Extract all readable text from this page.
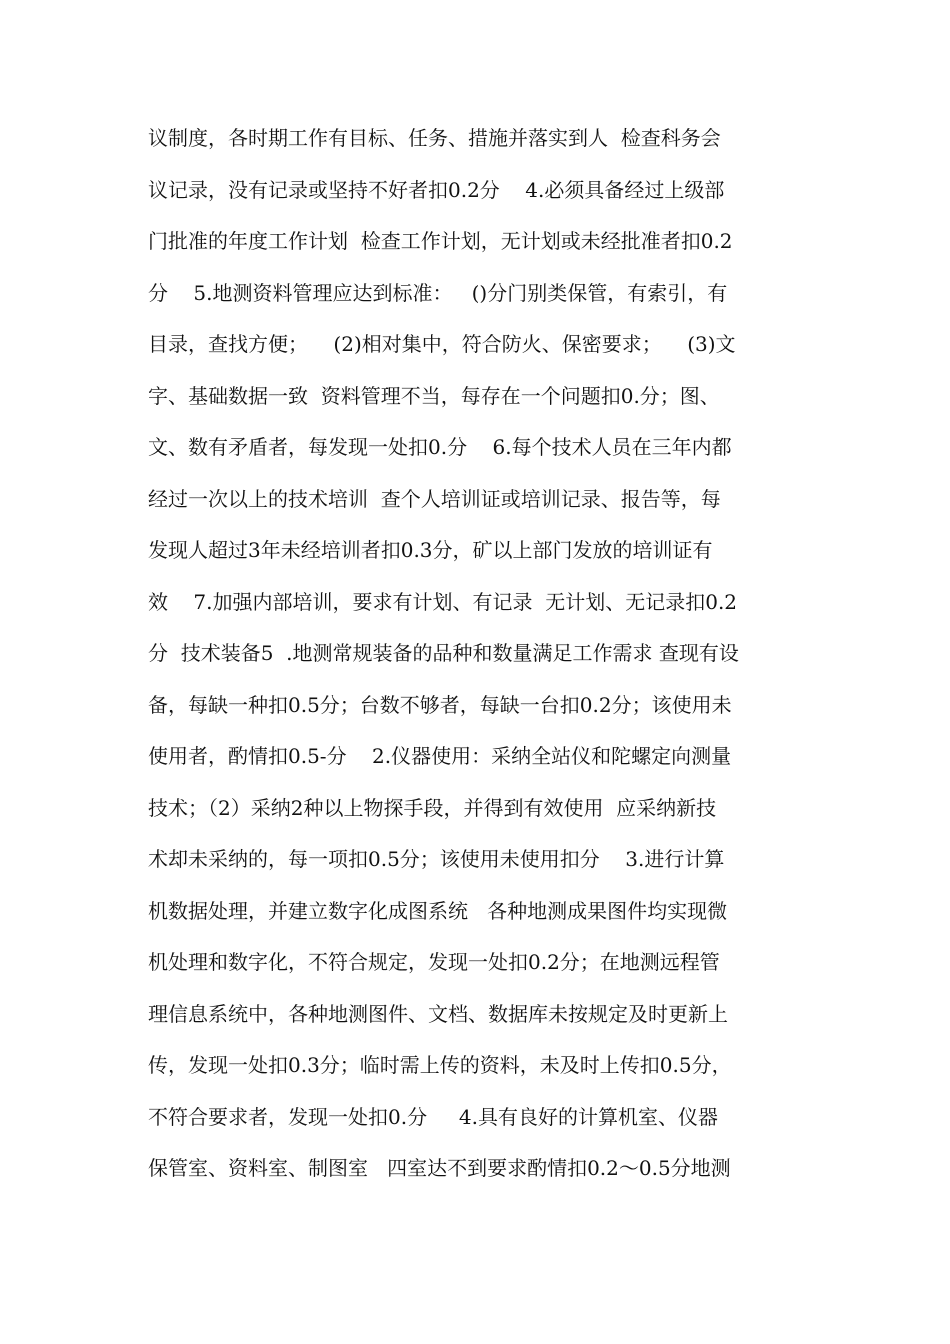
议制度，各时期工作有目标、任务、措施并落实到人  检查科务会
议记录，没有记录或坚持不好者扣0.2分    4.必须具备经过上级部
门批准的年度工作计划  检查工作计划，无计划或未经批准者扣0.2
分    5.地测资料管理应达到标准：   ()分门别类保管，有索引，有
目录，查找方便；    (2)相对集中，符合防火、保密要求；    (3)文
字、基础数据一致  资料管理不当，每存在一个问题扣0.分；图、
文、数有矛盾者，每发现一处扣0.分    6.每个技术人员在三年内都
经过一次以上的技术培训  查个人培训证或培训记录、报告等，每
发现人超过3年未经培训者扣0.3分，矿以上部门发放的培训证有
效    7.加强内部培训，要求有计划、有记录  无计划、无记录扣0.2
分  技术装备5  .地测常规装备的品种和数量满足工作需求 查现有设
备，每缺一种扣0.5分；台数不够者，每缺一台扣0.2分；该使用未
使用者，酌情扣0.5-分    2.仪器使用：采纳全站仪和陀螺定向测量
技术；（2）采纳2种以上物探手段，并得到有效使用  应采纳新技
术却未采纳的，每一项扣0.5分；该使用未使用扣分    3.进行计算
机数据处理，并建立数字化成图系统   各种地测成果图件均实现微
机处理和数字化，不符合规定，发现一处扣0.2分；在地测远程管
理信息系统中，各种地测图件、文档、数据库未按规定及时更新上
传，发现一处扣0.3分；临时需上传的资料，未及时上传扣0.5分，
不符合要求者，发现一处扣0.分     4.具有良好的计算机室、仪器
保管室、资料室、制图室   四室达不到要求酌情扣0.2～0.5分地测
